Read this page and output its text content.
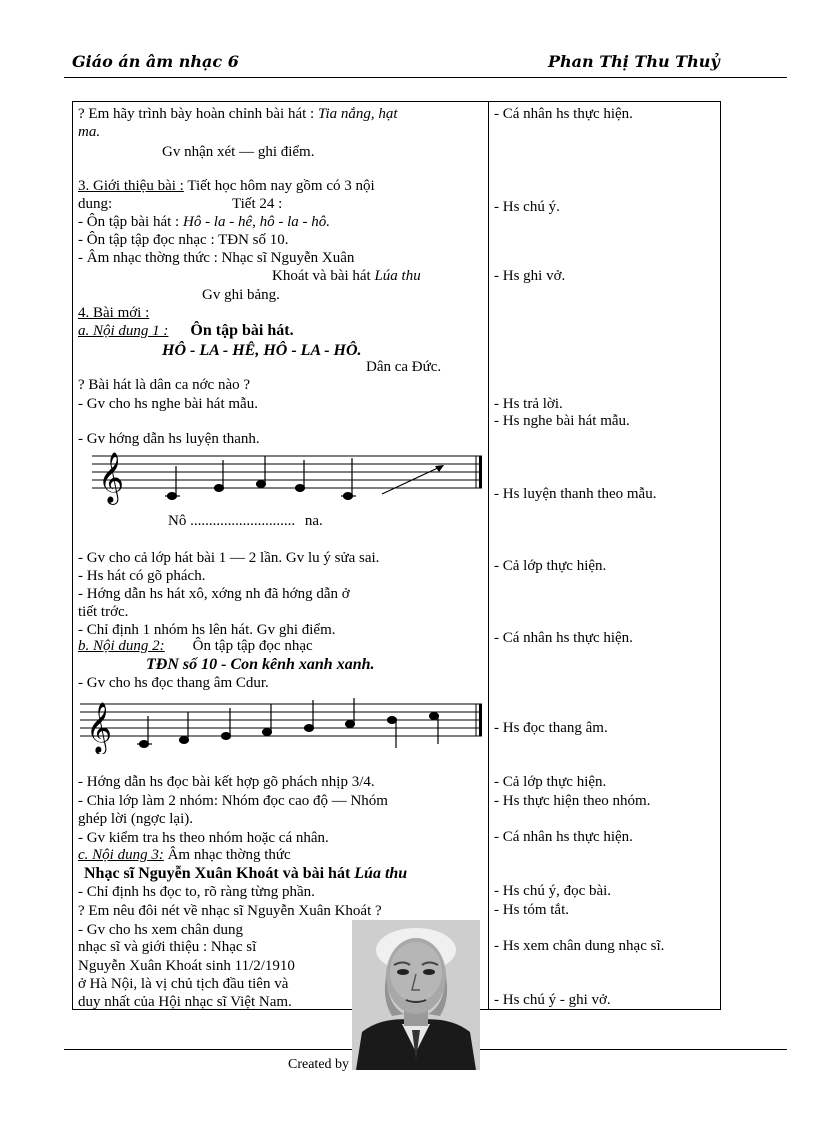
Giáo án âm nhạc 6	Phan Thị Thu Thuỷ
? Em hãy trình bày hoàn chỉnh bài hát : Tia nắng, hạt
ma.
Gv nhận xét — ghi điểm.
3. Giới thiệu bài : Tiết học hôm nay gồm có 3 nội
dung:	Tiết 24 :
- Ôn tập bài hát : Hô - la - hê, hô - la - hô.
- Ôn tập tập đọc nhạc : TĐN số 10.
- Âm nhạc thờng thức : Nhạc sĩ Nguyễn Xuân
Khoát và bài hát Lúa thu
Gv ghi bảng.
4. Bài mới :
a. Nội dung 1 : Ôn tập bài hát.
HÔ - LA - HÊ, HÔ - LA - HÔ.
Dân ca Đức.
? Bài hát là dân ca nớc nào ?
- Gv cho hs nghe bài hát mẫu.
- Gv hớng dẫn hs luyện thanh.
𝄞
Nô ............................ na.
- Gv cho cả lớp hát bài 1 — 2 lần. Gv lu ý sửa sai.
- Hs hát có gõ phách.
- Hớng dẫn hs hát xô, xớng nh đã hớng dẫn ở
tiết trớc.
- Chỉ định 1 nhóm hs lên hát. Gv ghi điểm.
b. Nội dung 2: Ôn tập tập đọc nhạc
TĐN số 10 - Con kênh xanh xanh.
- Gv cho hs đọc thang âm Cdur.
𝄞
- Hớng dẫn hs đọc bài kết hợp gõ phách nhịp 3/4.
- Chia lớp làm 2 nhóm: Nhóm đọc cao độ — Nhóm
ghép lời (ngợc lại).
- Gv kiểm tra hs theo nhóm hoặc cá nhân.
c. Nội dung 3: Âm nhạc thờng thức
Nhạc sĩ Nguyễn Xuân Khoát và bài hát Lúa thu
- Chỉ định hs đọc to, rõ ràng từng phần.
? Em nêu đôi nét về nhạc sĩ Nguyễn Xuân Khoát ?
- Gv cho hs xem chân dung
nhạc sĩ và giới thiệu : Nhạc sĩ
Nguyễn Xuân Khoát sinh 11/2/1910
ở Hà Nội, là vị chủ tịch đầu tiên và
duy nhất của Hội nhạc sĩ Việt Nam.
- Cá nhân hs thực hiện.
- Hs chú ý.
- Hs ghi vở.
- Hs trả lời.
- Hs nghe bài hát mẫu.
- Hs luyện thanh theo mẫu.
- Cả lớp thực hiện.
- Cá nhân hs thực hiện.
- Hs đọc thang âm.
- Cả lớp thực hiện.
- Hs thực hiện theo nhóm.
- Cá nhân hs thực hiện.
- Hs chú ý, đọc bài.
- Hs tóm tắt.
- Hs xem chân dung nhạc sĩ.
- Hs chú ý - ghi vở.
Created by
